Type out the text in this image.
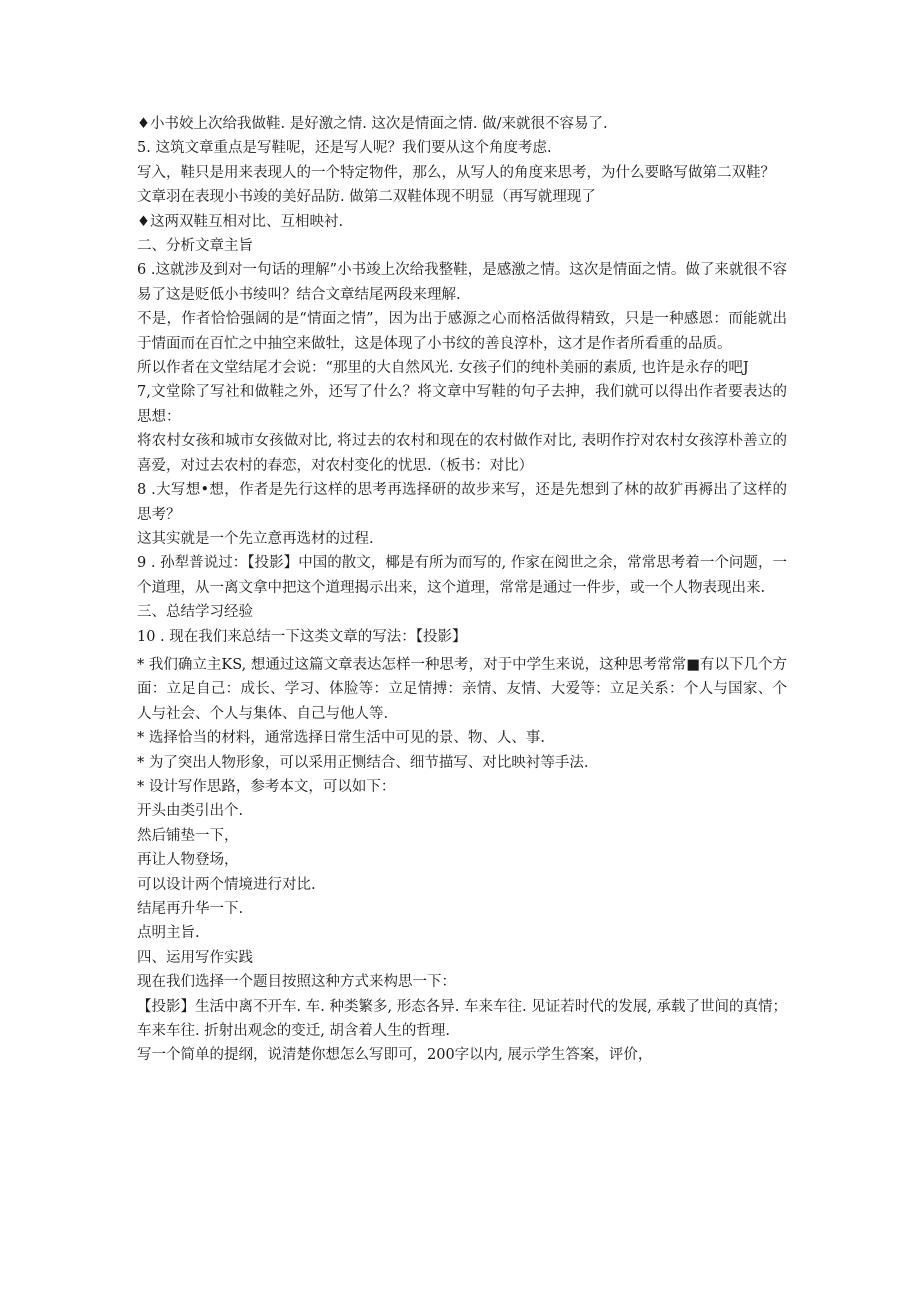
♦小书姣上次给我做鞋. 是好激之情. 这次是情面之情. 做/来就很不容易了.

5. 这筑文章重点是写鞋呢，还是写人呢？我们要从这个角度考虑.

写入，鞋只是用来表现人的一个特定物件，那么，从写人的角度来思考，为什么要略写做第二双鞋？

文章羽在表现小书竣的美好品防. 做第二双鞋体现不明显（再写就理现了

♦这两双鞋互相对比、互相映衬.

二、分析文章主旨

6 .这就涉及到对一句话的理解”小书竣上次给我整鞋，是感激之情。这次是情面之情。做了来就很不容易了这是贬低小书绫叫？结合文章结尾两段来理解.

不是，作者恰恰强阔的是“情面之情”，因为出于感源之心而格活做得精致，只是一种感恩：而能就出于情面而在百忙之中抽空来做牡，这是体现了小书纹的善良淳朴，这才是作者所看重的品质。

所以作者在文堂结尾才会说：“那里的大自然风光. 女孩子们的纯朴美丽的素质, 也许是永存的吧J

7,文堂除了写社和做鞋之外，还写了什么？将文章中写鞋的句子去抻，我们就可以得出作者要表达的思想：

将农村女孩和城市女孩做对比, 将过去的农村和现在的农村做作对比, 表明作拧对农村女孩淳朴善立的喜爱，对过去农村的春恋，对农村变化的忧思.（板书：对比）

8 .大写想•想，作者是先行这样的思考再选择研的故步来写，还是先想到了林的故犷再褥出了这样的思考？

这其实就是一个先立意再选材的过程.

9 . 孙犁普说过：【投影】中国的散文，椰是有所为而写的, 作家在阅世之余，常常思考着一个问题，一个道理，从一离文拿中把这个道理揭示出来，这个道理，常常是通过一件步，或一个人物表现出来.

三、总结学习经验

10 . 现在我们来总结一下这类文章的写法：【投影】

* 我们确立主KS, 想通过这篇文章表达怎样一种思考，对于中学生来说，这种思考常常■有以下几个方面：立足自己：成长、学习、体脸等：立足情搏：亲情、友情、大爱等：立足关系：个人与国家、个人与社会、个人与集体、自己与他人等.

* 选择恰当的材料，通常选择日常生活中可见的景、物、人、事.

* 为了突出人物形象，可以采用正恻结合、细节描写、对比映衬等手法.

* 设计写作思路，参考本文，可以如下：

开头由类引出个.

然后铺垫一下，

再让人物登场，

可以设计两个情境进行对比.

结尾再升华一下.

点明主旨.

四、运用写作实践

现在我们选择一个题目按照这种方式来构思一下：

【投影】生活中离不开车. 车. 种类繁多, 形态各异. 车来车往. 见证若时代的发展, 承载了世间的真情；车来车往. 折射出观念的变迁, 胡含着人生的哲理.

写一个简单的提纲，说清楚你想怎么写即可，200字以内, 展示学生答案，评价，
